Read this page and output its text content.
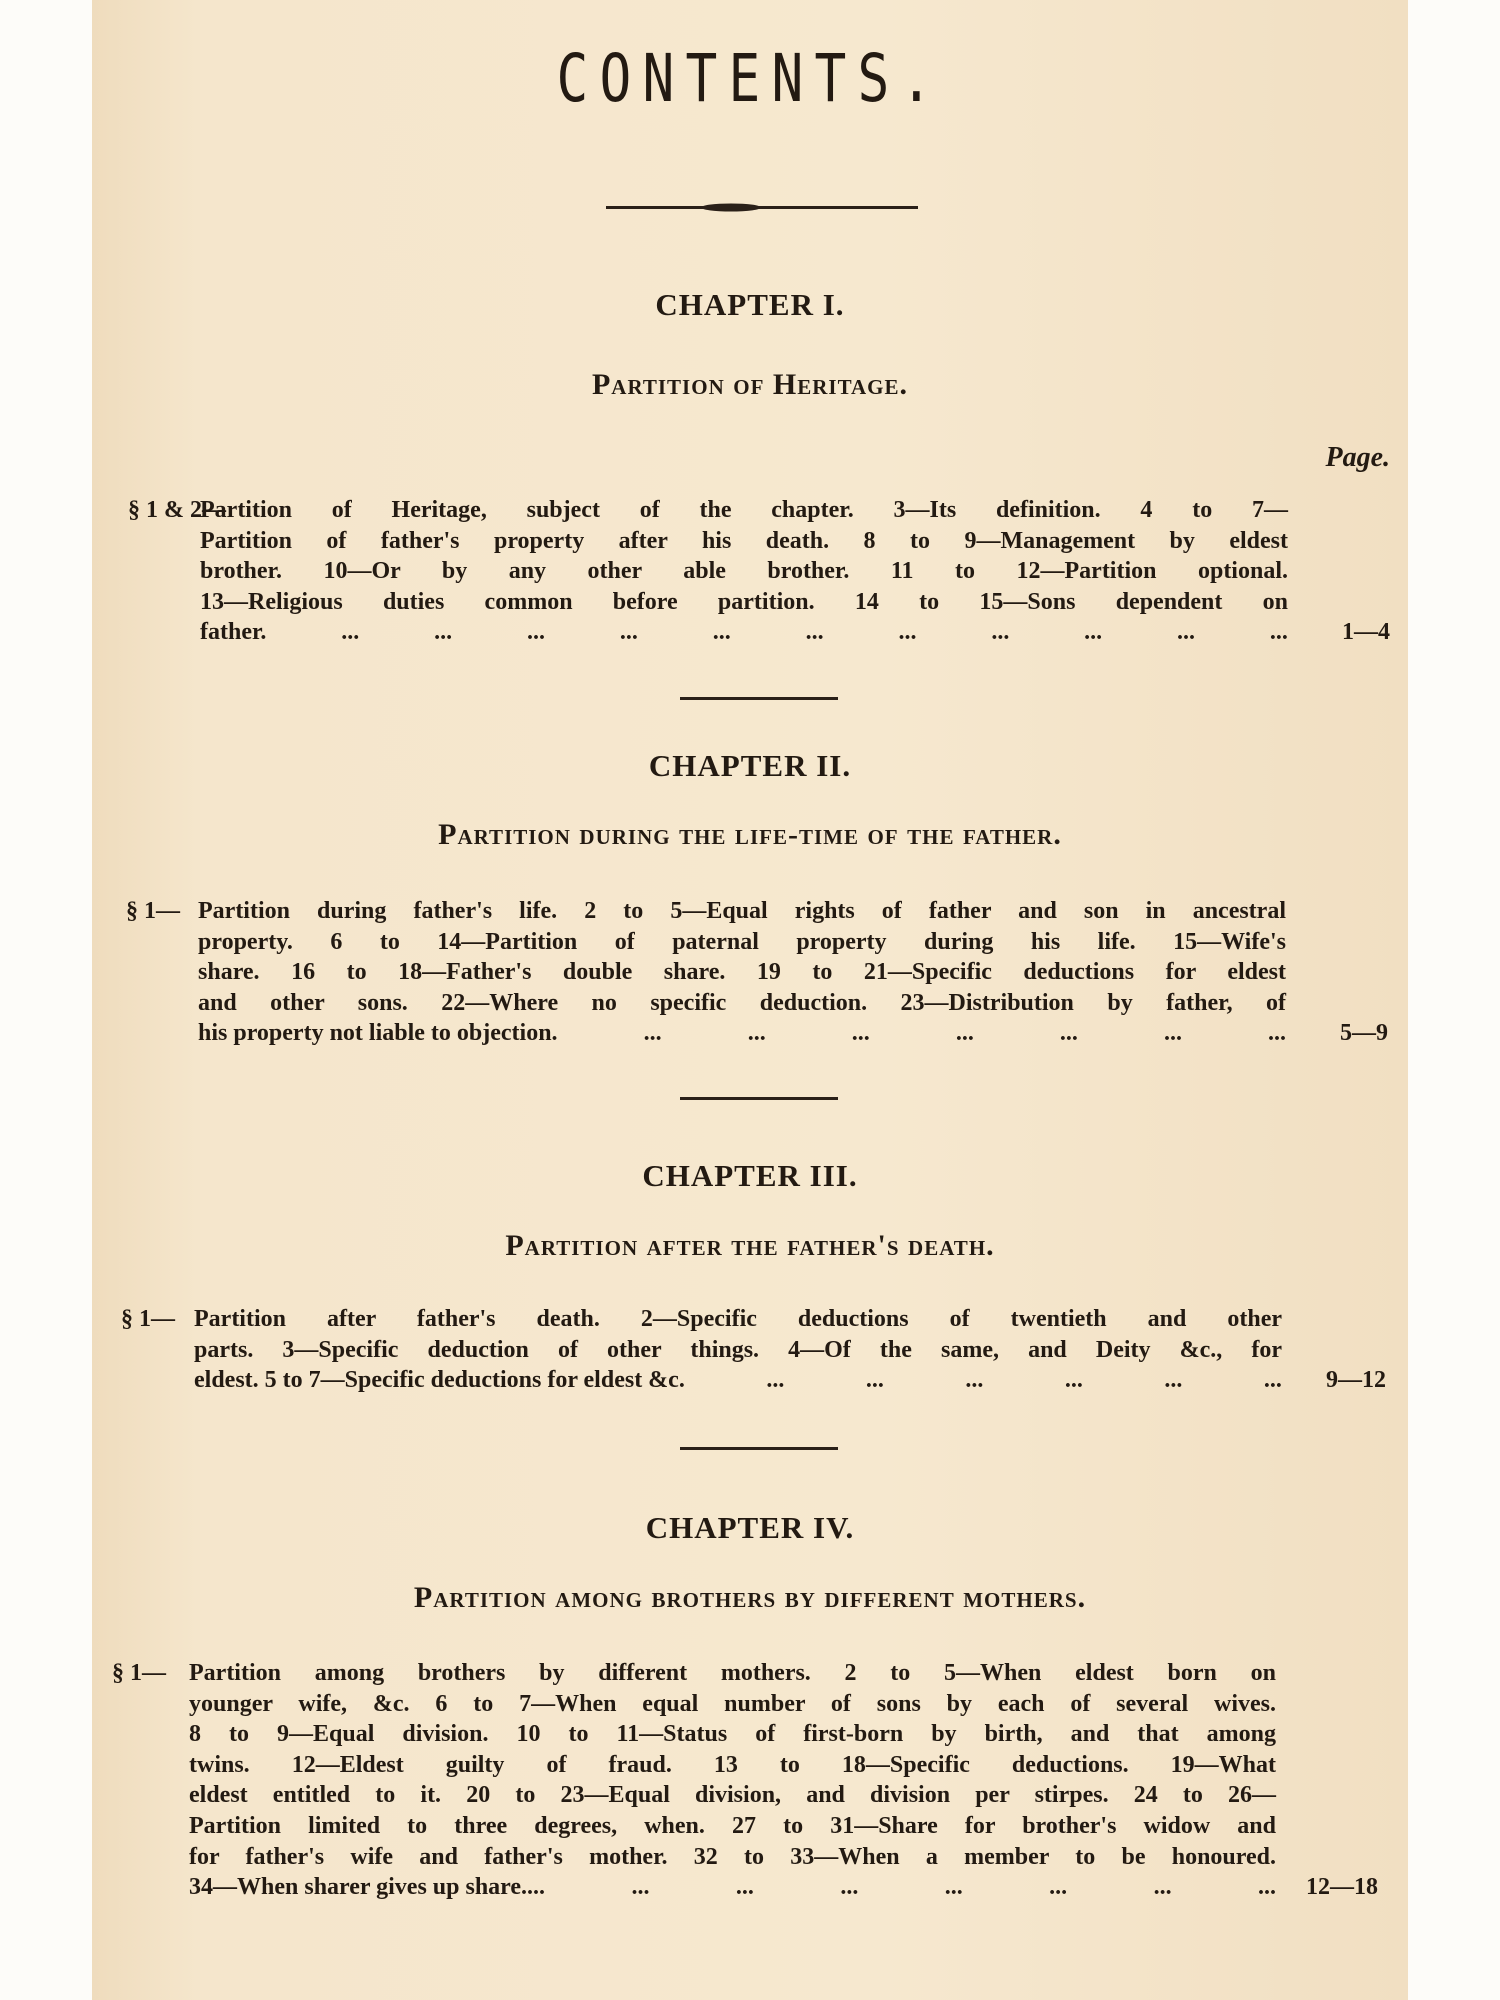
CONTENTS.
Page.
CHAPTER I.
Partition of Heritage.
§ 1 & 2—
Partition of Heritage, subject of the chapter. 3—Its definition. 4 to 7—
Partition of father's property after his death. 8 to 9—Management by eldest
brother. 10—Or by any other able brother. 11 to 12—Partition optional.
13—Religious duties common before partition. 14 to 15—Sons dependent on
father.	...	...	...	...	...	...	...	...	...	...	... 1—4
CHAPTER II.
Partition during the life-time of the father.
§ 1— Partition during father's life. 2 to 5—Equal rights of father and son in ancestral
property. 6 to 14—Partition of paternal property during his life. 15—Wife's
share. 16 to 18—Father's double share. 19 to 21—Specific deductions for eldest
and other sons. 22—Where no specific deduction. 23—Distribution by father, of
his property not liable to objection.	...	...	...	...	...	...	... 5—9
CHAPTER III.
Partition after the father's death.
§ 1— Partition after father's death. 2—Specific deductions of twentieth and other
parts. 3—Specific deduction of other things. 4—Of the same, and Deity &c., for
eldest. 5 to 7—Specific deductions for eldest &c.	...	...	...	...	...	... 9—12
CHAPTER IV.
Partition among brothers by different mothers.
§ 1— Partition among brothers by different mothers. 2 to 5—When eldest born on
younger wife, &c. 6 to 7—When equal number of sons by each of several wives.
8 to 9—Equal division. 10 to 11—Status of first-born by birth, and that among
twins. 12—Eldest guilty of fraud. 13 to 18—Specific deductions. 19—What
eldest entitled to it. 20 to 23—Equal division, and division per stirpes. 24 to 26—
Partition limited to three degrees, when. 27 to 31—Share for brother's widow and
for father's wife and father's mother. 32 to 33—When a member to be honoured.
34—When sharer gives up share....	...	...	...	...	...	...	... 12—18
